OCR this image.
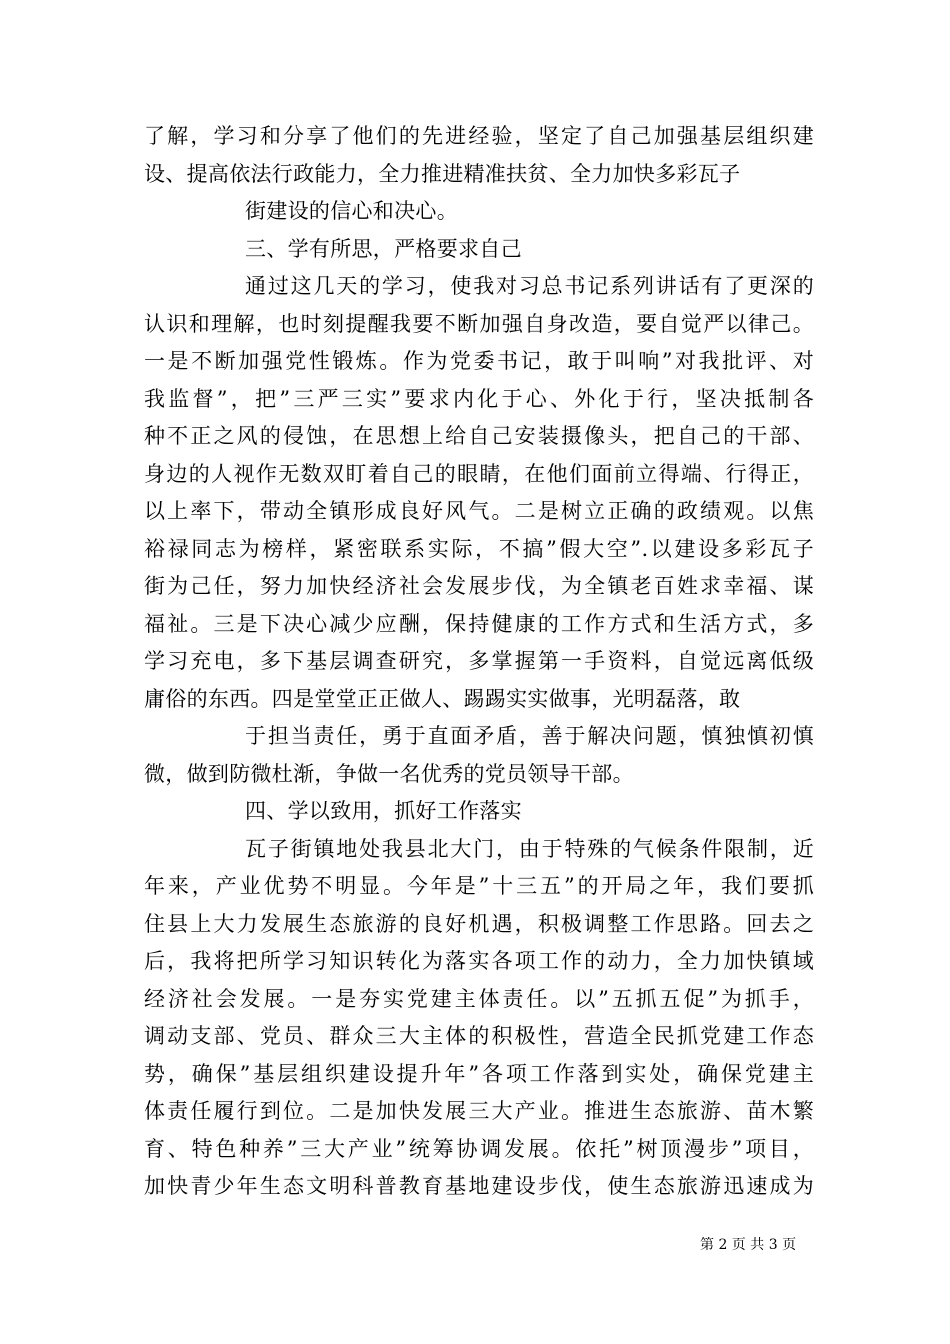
了解，学习和分享了他们的先进经验，坚定了自己加强基层组织建
设、提高依法行政能力，全力推进精准扶贫、全力加快多彩瓦子
街建设的信心和决心。
三、学有所思，严格要求自己
通过这几天的学习，使我对习总书记系列讲话有了更深的
认识和理解，也时刻提醒我要不断加强自身改造，要自觉严以律己。
一是不断加强党性锻炼。作为党委书记，敢于叫响”对我批评、对
我监督”，把”三严三实”要求内化于心、外化于行，坚决抵制各
种不正之风的侵蚀，在思想上给自己安装摄像头，把自己的干部、
身边的人视作无数双盯着自己的眼睛，在他们面前立得端、行得正，
以上率下，带动全镇形成良好风气。二是树立正确的政绩观。以焦
裕禄同志为榜样，紧密联系实际，不搞”假大空”.以建设多彩瓦子
街为己任，努力加快经济社会发展步伐，为全镇老百姓求幸福、谋
福祉。三是下决心减少应酬，保持健康的工作方式和生活方式，多
学习充电，多下基层调查研究，多掌握第一手资料，自觉远离低级
庸俗的东西。四是堂堂正正做人、踢踢实实做事，光明磊落，敢
于担当责任，勇于直面矛盾，善于解决问题，慎独慎初慎
微，做到防微杜渐，争做一名优秀的党员领导干部。
四、学以致用，抓好工作落实
瓦子街镇地处我县北大门，由于特殊的气候条件限制，近
年来，产业优势不明显。今年是”十三五”的开局之年，我们要抓
住县上大力发展生态旅游的良好机遇，积极调整工作思路。回去之
后，我将把所学习知识转化为落实各项工作的动力，全力加快镇域
经济社会发展。一是夯实党建主体责任。以”五抓五促”为抓手，
调动支部、党员、群众三大主体的积极性，营造全民抓党建工作态
势，确保”基层组织建设提升年”各项工作落到实处，确保党建主
体责任履行到位。二是加快发展三大产业。推进生态旅游、苗木繁
育、特色种养”三大产业”统筹协调发展。依托”树顶漫步”项目，
加快青少年生态文明科普教育基地建设步伐，使生态旅游迅速成为
第 2 页 共 3 页
